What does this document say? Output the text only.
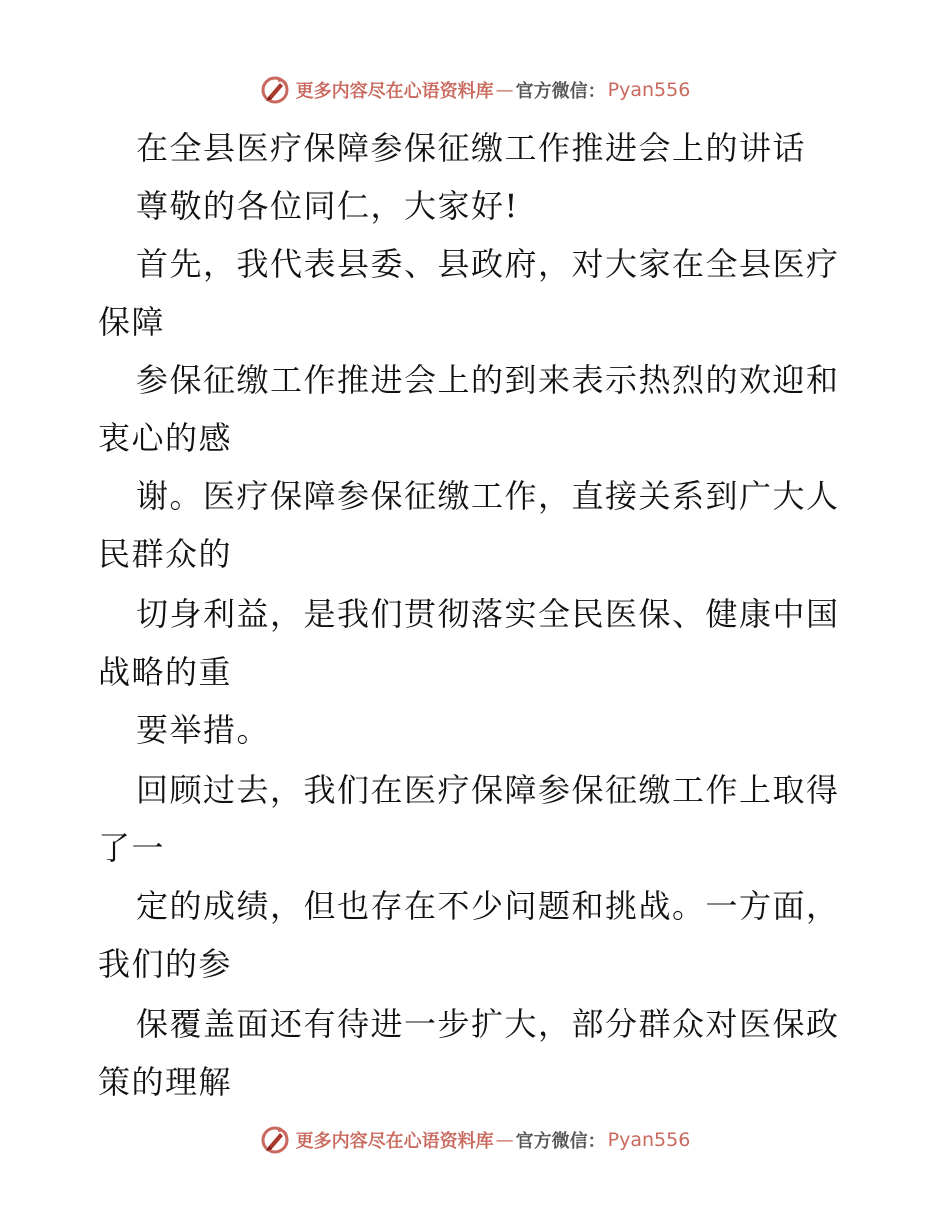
更多内容尽在心语资料库 — 官方微信： Pyan556
在全县医疗保障参保征缴工作推进会上的讲话
尊敬的各位同仁，大家好!
首先，我代表县委、县政府，对大家在全县医疗
保障
参保征缴工作推进会上的到来表示热烈的欢迎和
衷心的感
谢。医疗保障参保征缴工作，直接关系到广大人
民群众的
切身利益，是我们贯彻落实全民医保、健康中国
战略的重
要举措。
回顾过去，我们在医疗保障参保征缴工作上取得
了一
定的成绩，但也存在不少问题和挑战。一方面，
我们的参
保覆盖面还有待进一步扩大，部分群众对医保政
策的理解
更多内容尽在心语资料库 — 官方微信： Pyan556
